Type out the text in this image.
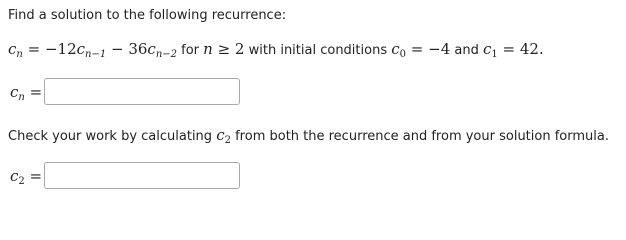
Find a solution to the following recurrence:
$c_n = -12c_{n-1} - 36c_{n-2}$ for n ≥ 2 with initial conditions $c_0 = -4$ and $c_1 = 42$.
$c_n$ =
Check your work by calculating $c_2$ from both the recurrence and from your solution formula.
$c_2$ =
